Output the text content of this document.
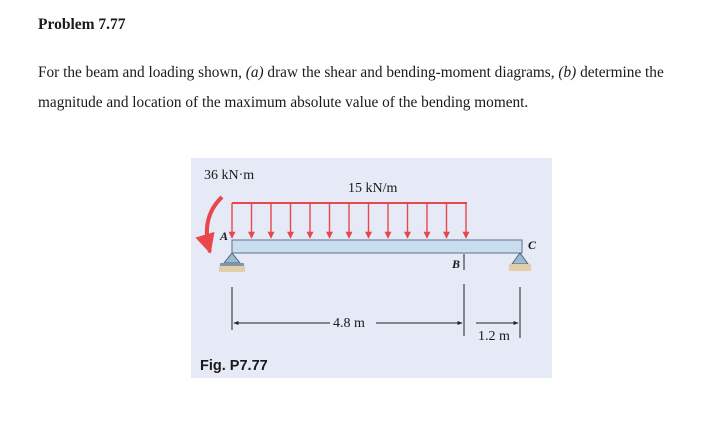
Problem 7.77

For the beam and loading shown, (a) draw the shear and bending-moment diagrams, (b) determine the magnitude and location of the maximum absolute value of the bending moment.

36 kN·m
15 kN/m
A
B
C
4.8 m
1.2 m
Fig. P7.77
